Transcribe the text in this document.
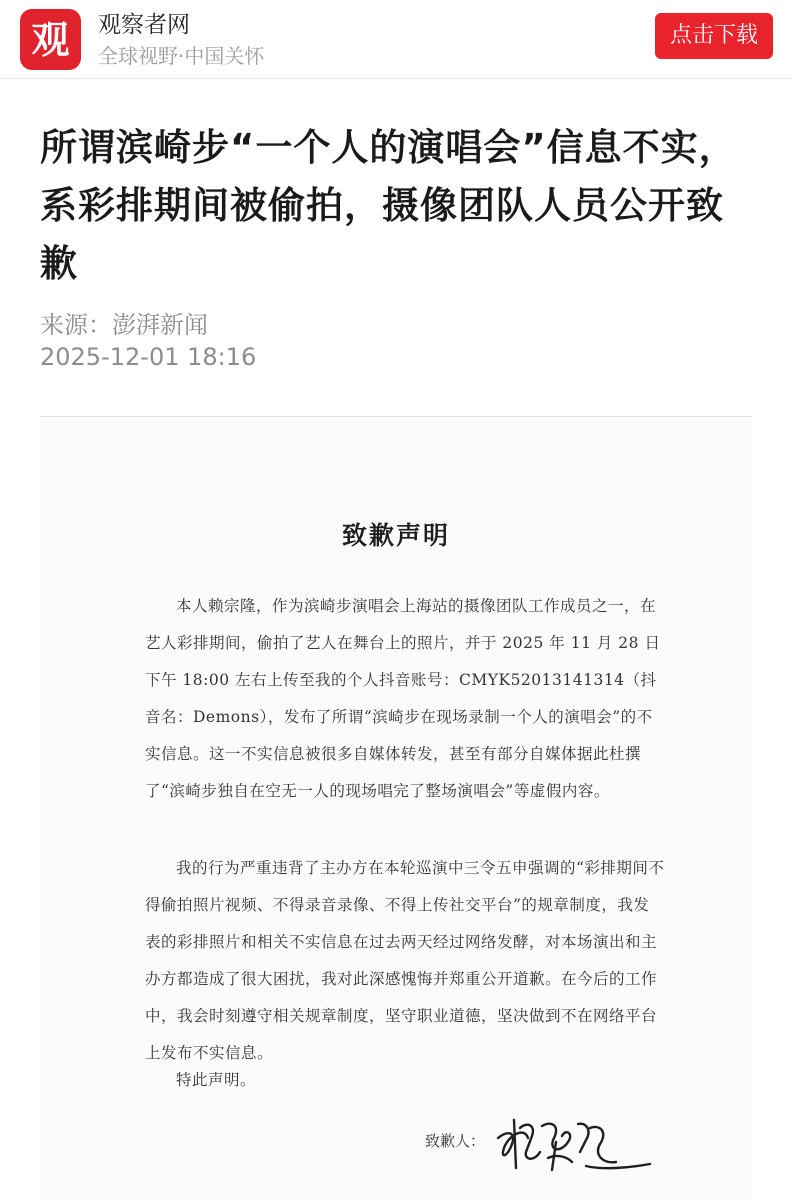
观	观察者网
全球视野·中国关怀
点击下载
所谓滨崎步“一个人的演唱会”信息不实，系彩排期间被偷拍，摄像团队人员公开致歉
来源：澎湃新闻
2025-12-01 18:16
致歉声明

本人赖宗隆，作为滨崎步演唱会上海站的摄像团队工作成员之一，在艺人彩排期间，偷拍了艺人在舞台上的照片，并于 2025 年 11 月 28 日下午 18:00 左右上传至我的个人抖音账号：CMYK52013141314（抖音名：Demons），发布了所谓“滨崎步在现场录制一个人的演唱会”的不实信息。这一不实信息被很多自媒体转发，甚至有部分自媒体据此杜撰了“滨崎步独自在空无一人的现场唱完了整场演唱会”等虚假内容。

我的行为严重违背了主办方在本轮巡演中三令五申强调的“彩排期间不得偷拍照片视频、不得录音录像、不得上传社交平台”的规章制度，我发表的彩排照片和相关不实信息在过去两天经过网络发酵，对本场演出和主办方都造成了很大困扰，我对此深感愧悔并郑重公开道歉。在今后的工作中，我会时刻遵守相关规章制度，坚守职业道德，坚决做到不在网络平台上发布不实信息。

特此声明。

致歉人：
